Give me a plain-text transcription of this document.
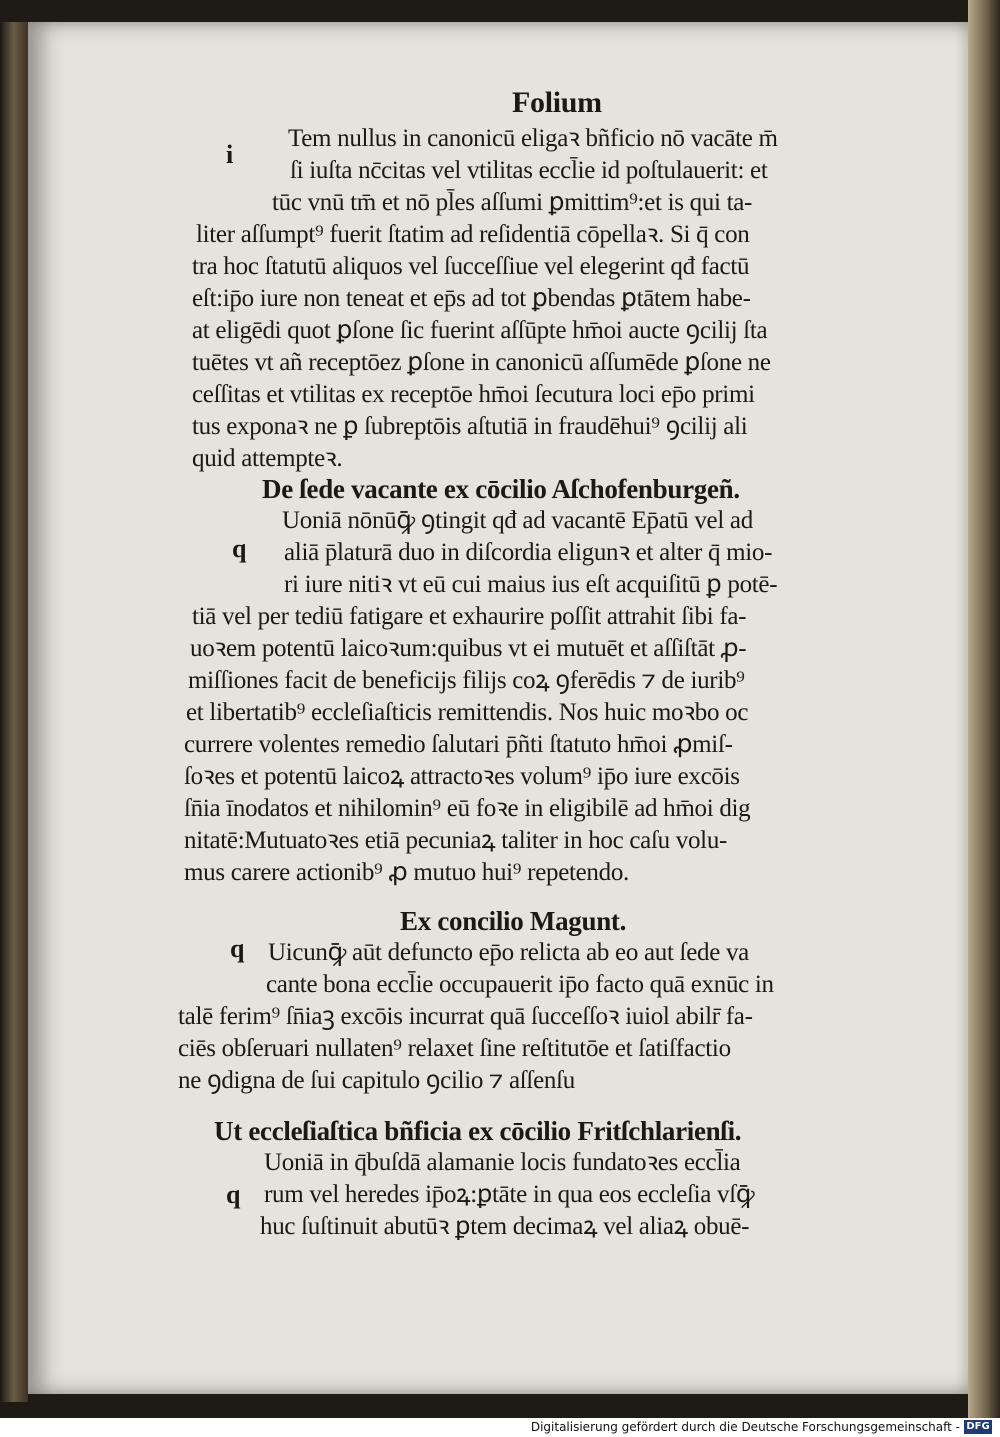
Folium
i
Tem nullus in canonicū eligaꝛ bñficio nō vacāte m̄
ſi iuſta nc̄citas vel vtilitas eccl̄ie id poſtulauerit: et
tūc vnū tm̄ et nō pl̄es aſſumi ꝑmittim⁹:et is qui ta‑
liter aſſumpt⁹ fuerit ſtatim ad reſidentiā cōpellaꝛ. Si q̄ con
tra hoc ſtatutū aliquos vel ſucceſſiue vel elegerint qđ factū
eſt:ip̄o iure non teneat et ep̄s ad tot ꝑbendas ꝑtātem habe‑
at eligēdi quot ꝑſone ſic fuerint aſſūpte hm̄oi aucte ꝯcilij ſta
tuētes vt añ receptōez ꝑſone in canonicū aſſumēde ꝑſone ne
ceſſitas et vtilitas ex receptōe hm̄oi ſecutura loci ep̄o primi
tus exponaꝛ ne ꝑ ſubreptōis aſtutiā in fraudēhui⁹ ꝯcilij ali
quid attempteꝛ.
De ſede vacante ex cōcilio Aſchofenburgeñ.
q
Uoniā nōnūꝙ̄ ꝯtingit qđ ad vacantē Ep̄atū vel ad
aliā p̄laturā duo in diſcordia eligunꝛ et alter q̄ mio‑
ri iure nitiꝛ vt eū cui maius ius eſt acquiſitū ꝑ potē‑
tiā vel per tediū fatigare et exhaurire poſſit attrahit ſibi fa‑
uoꝛem potentū laicoꝛum:quibus vt ei mutuēt et aſſiſtāt ꝓ‑
miſſiones facit de beneficijs filijs coꝝ ꝯferēdis ⁊ de iurib⁹
et libertatib⁹ eccleſiaſticis remittendis. Nos huic moꝛbo oc
currere volentes remedio ſalutari p̄ñti ſtatuto hm̄oi ꝓmiſ‑
ſoꝛes et potentū laicoꝝ attractoꝛes volum⁹ ip̄o iure excōis
ſn̄ia īnodatos et nihilomin⁹ eū foꝛe in eligibilē ad hm̄oi dig
nitatē:Mutuatoꝛes etiā pecuniaꝝ taliter in hoc caſu volu‑
mus carere actionib⁹ ꝓ mutuo hui⁹ repetendo.
Ex concilio Magunt.
q Uicunꝙ̄ aūt defuncto ep̄o relicta ab eo aut ſede va
cante bona eccl̄ie occupauerit ip̄o facto quā exnūc in
talē ferim⁹ ſn̄iaꝫ excōis incurrat quā ſucceſſoꝛ iuiol abilr̄ fa‑
ciēs obſeruari nullaten⁹ relaxet ſine reſtitutōe et ſatiſfactio
ne ꝯdigna de ſui capitulo ꝯcilio ⁊ aſſenſu
Ut eccleſiaſtica bñficia ex cōcilio Fritſchlarienſi.
q
Uoniā in q̄buſdā alamanie locis fundatoꝛes eccl̄ia
rum vel heredes ip̄oꝝ:ꝑtāte in qua eos eccleſia vſꝙ̄
huc ſuſtinuit abutūꝛ ꝑtem decimaꝝ vel aliaꝝ obuē‑
Digitalisierung gefördert durch die Deutsche Forschungsgemeinschaft - DFG
